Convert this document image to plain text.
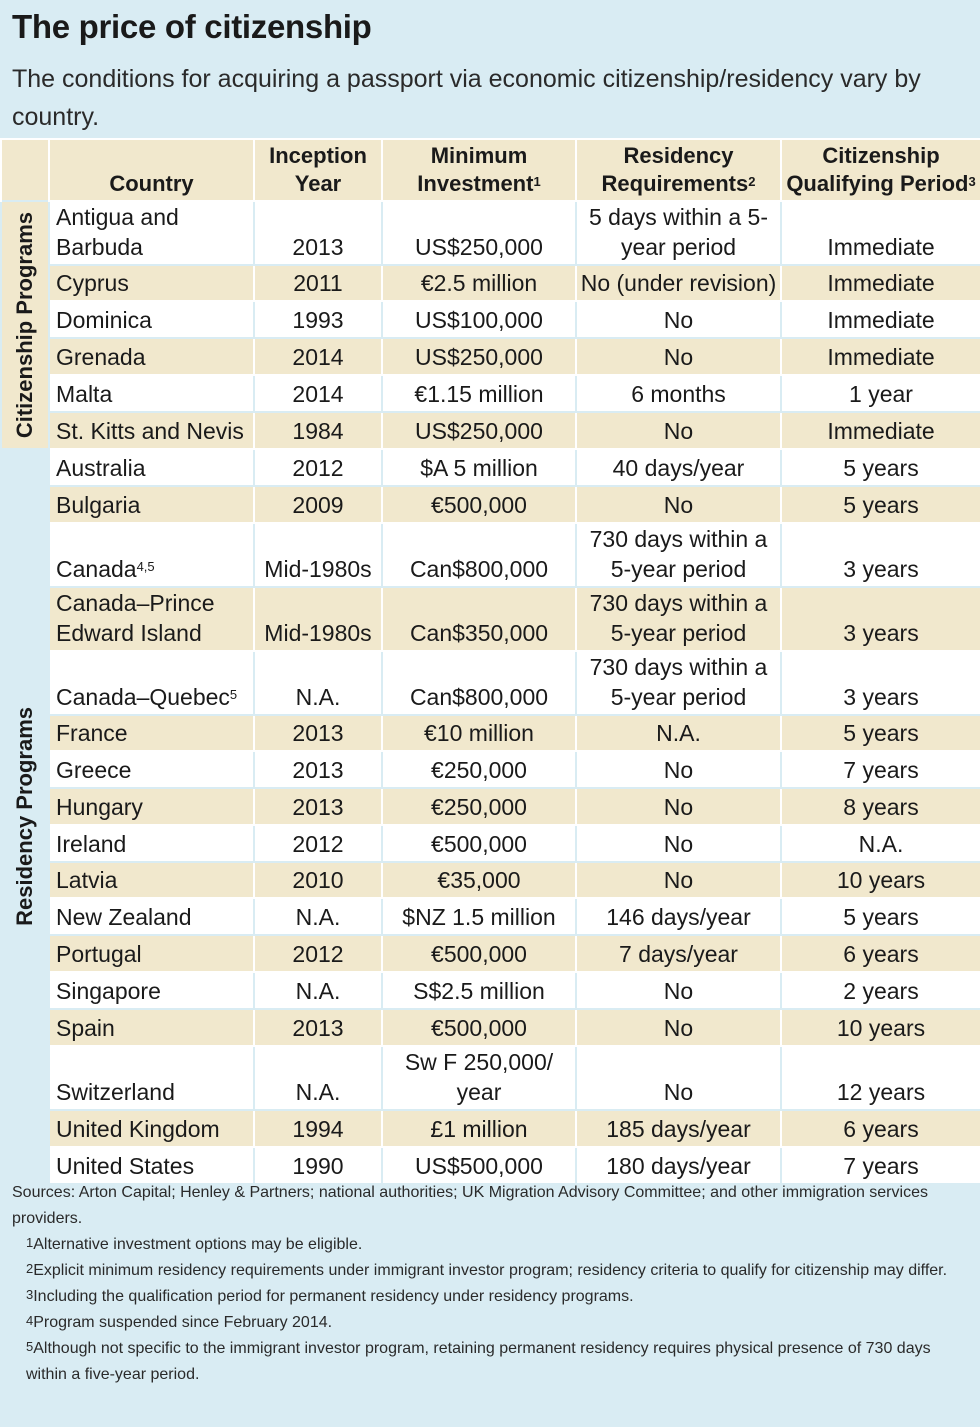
The price of citizenship
The conditions for acquiring a passport via economic citizenship/residency vary by country.
	Country	Inception Year	Minimum Investment$^1$	Residency Requirements$^2$	Citizenship Qualifying Period$^3$

Citizenship Programs	Antigua and Barbuda	2013	US$250,000	5 days within a 5-year period	Immediate
	Cyprus	2011	€2.5 million	No (under revision)	Immediate
	Dominica	1993	US$100,000	No	Immediate
	Grenada	2014	US$250,000	No	Immediate
	Malta	2014	€1.15 million	6 months	1 year
	St. Kitts and Nevis	1984	US$250,000	No	Immediate

Residency Programs	Australia	2012	$A 5 million	40 days/year	5 years
	Bulgaria	2009	€500,000	No	5 years
	Canada$^{4,5}$	Mid-1980s	Can$800,000	730 days within a 5-year period	3 years
	Canada–Prince Edward Island	Mid-1980s	Can$350,000	730 days within a 5-year period	3 years
	Canada–Quebec$^5$	N.A.	Can$800,000	730 days within a 5-year period	3 years
	France	2013	€10 million	N.A.	5 years
	Greece	2013	€250,000	No	7 years
	Hungary	2013	€250,000	No	8 years
	Ireland	2012	€500,000	No	N.A.
	Latvia	2010	€35,000	No	10 years
	New Zealand	N.A.	$NZ 1.5 million	146 days/year	5 years
	Portugal	2012	€500,000	7 days/year	6 years
	Singapore	N.A.	S$2.5 million	No	2 years
	Spain	2013	€500,000	No	10 years
	Switzerland	N.A.	Sw F 250,000/ year	No	12 years
	United Kingdom	1994	£1 million	185 days/year	6 years
	United States	1990	US$500,000	180 days/year	7 years

Sources: Arton Capital; Henley & Partners; national authorities; UK Migration Advisory Committee; and other immigration services providers.

$^1$Alternative investment options may be eligible.

$^2$Explicit minimum residency requirements under immigrant investor program; residency criteria to qualify for citizenship may differ.

$^3$Including the qualification period for permanent residency under residency programs.

$^4$Program suspended since February 2014.

$^5$Although not specific to the immigrant investor program, retaining permanent residency requires physical presence of 730 days within a five-year period.
